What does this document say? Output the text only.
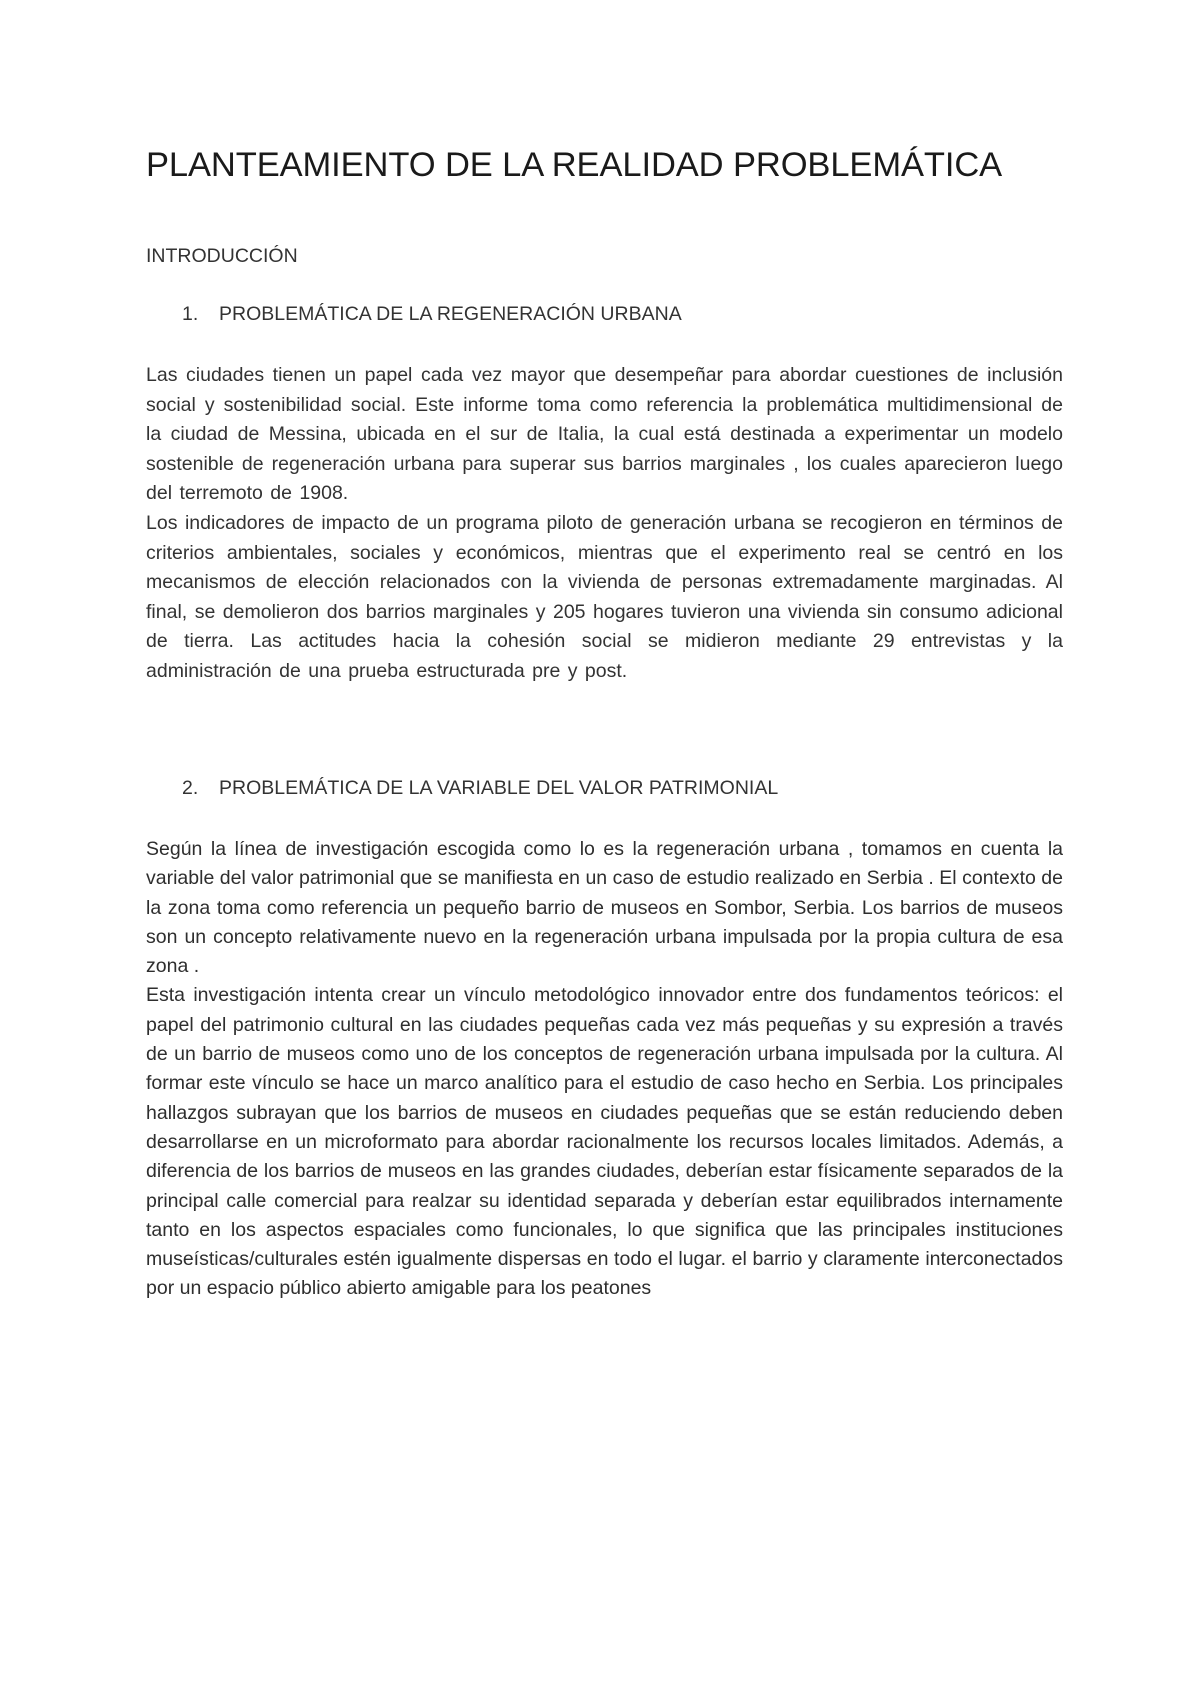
PLANTEAMIENTO DE LA REALIDAD PROBLEMÁTICA
INTRODUCCIÓN
1. PROBLEMÁTICA DE LA REGENERACIÓN URBANA

Las ciudades tienen un papel cada vez mayor que desempeñar para abordar cuestiones de inclusión social y sostenibilidad social. Este informe toma como referencia la problemática multidimensional de la ciudad de Messina, ubicada en el sur de Italia, la cual está destinada a experimentar un modelo sostenible de regeneración urbana para superar sus barrios marginales , los cuales aparecieron luego del terremoto de 1908.

Los indicadores de impacto de un programa piloto de generación urbana se recogieron en términos de criterios ambientales, sociales y económicos, mientras que el experimento real se centró en los mecanismos de elección relacionados con la vivienda de personas extremadamente marginadas. Al final, se demolieron dos barrios marginales y 205 hogares tuvieron una vivienda sin consumo adicional de tierra. Las actitudes hacia la cohesión social se midieron mediante 29 entrevistas y la administración de una prueba estructurada pre y post.

2. PROBLEMÁTICA DE LA VARIABLE DEL VALOR PATRIMONIAL

Según la línea de investigación escogida como lo es la regeneración urbana , tomamos en cuenta la variable del valor patrimonial que se manifiesta en un caso de estudio realizado en Serbia . El contexto de la zona toma como referencia un pequeño barrio de museos en Sombor, Serbia. Los barrios de museos son un concepto relativamente nuevo en la regeneración urbana impulsada por la propia cultura de esa zona .

Esta investigación intenta crear un vínculo metodológico innovador entre dos fundamentos teóricos: el papel del patrimonio cultural en las ciudades pequeñas cada vez más pequeñas y su expresión a través de un barrio de museos como uno de los conceptos de regeneración urbana impulsada por la cultura. Al formar este vínculo se hace un marco analítico para el estudio de caso hecho en Serbia. Los principales hallazgos subrayan que los barrios de museos en ciudades pequeñas que se están reduciendo deben desarrollarse en un microformato para abordar racionalmente los recursos locales limitados. Además, a diferencia de los barrios de museos en las grandes ciudades, deberían estar físicamente separados de la principal calle comercial para realzar su identidad separada y deberían estar equilibrados internamente tanto en los aspectos espaciales como funcionales, lo que significa que las principales instituciones museísticas/culturales estén igualmente dispersas en todo el lugar. el barrio y claramente interconectados por un espacio público abierto amigable para los peatones
